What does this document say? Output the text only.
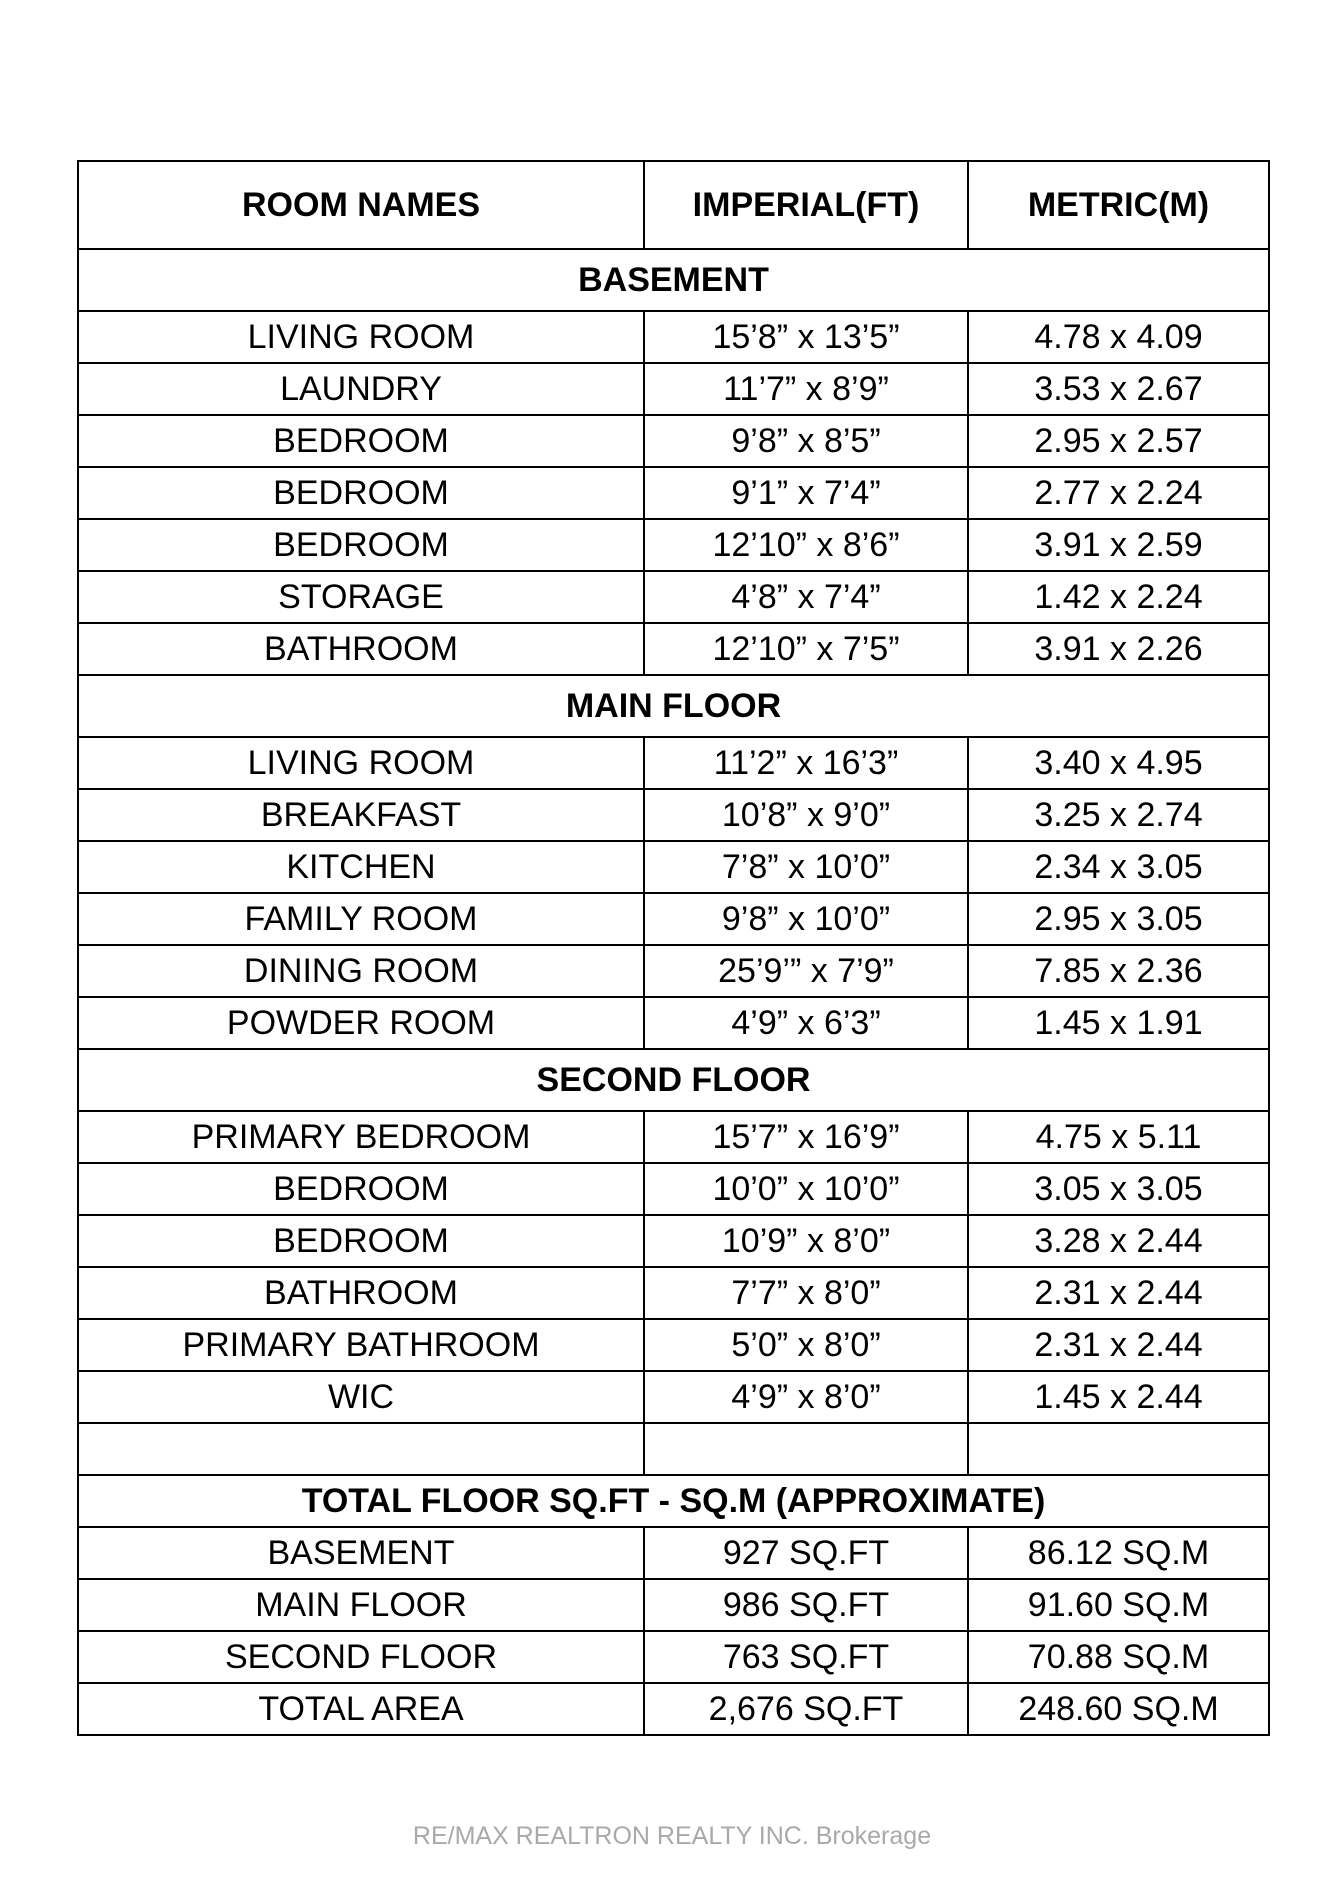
ROOM NAMES	IMPERIAL(FT)	METRIC(M)
BASEMENT		
LIVING ROOM	15’8” x 13’5”	4.78 x 4.09
LAUNDRY	11’7” x 8’9”	3.53 x 2.67
BEDROOM	9’8” x 8’5”	2.95 x 2.57
BEDROOM	9’1” x 7’4”	2.77 x 2.24
BEDROOM	12’10” x 8’6”	3.91 x 2.59
STORAGE	4’8” x 7’4”	1.42 x 2.24
BATHROOM	12’10” x 7’5”	3.91 x 2.26
MAIN FLOOR		
LIVING ROOM	11’2” x 16’3”	3.40 x 4.95
BREAKFAST	10’8” x 9’0”	3.25 x 2.74
KITCHEN	7’8” x 10’0”	2.34 x 3.05
FAMILY ROOM	9’8” x 10’0”	2.95 x 3.05
DINING ROOM	25’9’” x 7’9”	7.85 x 2.36
POWDER ROOM	4’9” x 6’3”	1.45 x 1.91
SECOND FLOOR		
PRIMARY BEDROOM	15’7” x 16’9”	4.75 x 5.11
BEDROOM	10’0” x 10’0”	3.05 x 3.05
BEDROOM	10’9” x 8’0”	3.28 x 2.44
BATHROOM	7’7” x 8’0”	2.31 x 2.44
PRIMARY BATHROOM	5’0” x 8’0”	2.31 x 2.44
WIC	4’9” x 8’0”	1.45 x 2.44

TOTAL FLOOR SQ.FT - SQ.M (APPROXIMATE)		
BASEMENT	927 SQ.FT	86.12 SQ.M
MAIN FLOOR	986 SQ.FT	91.60 SQ.M
SECOND FLOOR	763 SQ.FT	70.88 SQ.M
TOTAL AREA	2,676 SQ.FT	248.60 SQ.M
RE/MAX REALTRON REALTY INC. Brokerage
